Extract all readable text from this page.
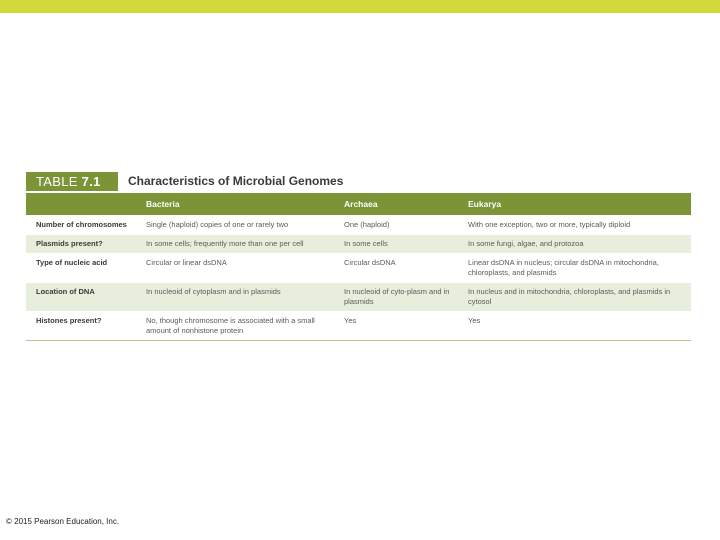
TABLE 7.1	Characteristics of Microbial Genomes
	Bacteria	Archaea	Eukarya
Number of chromosomes	Single (haploid) copies of one or rarely two	One (haploid)	With one exception, two or more, typically diploid
Plasmids present?	In some cells; frequently more than one per cell	In some cells	In some fungi, algae, and protozoa
Type of nucleic acid	Circular or linear dsDNA	Circular dsDNA	Linear dsDNA in nucleus; circular dsDNA in mitochondria, chloroplasts, and plasmids
Location of DNA	In nucleoid of cytoplasm and in plasmids	In nucleoid of cyto-plasm and in plasmids	In nucleus and in mitochondria, chloroplasts, and plasmids in cytosol
Histones present?	No, though chromosome is associated with a small amount of nonhistone protein	Yes	Yes
© 2015 Pearson Education, Inc.
